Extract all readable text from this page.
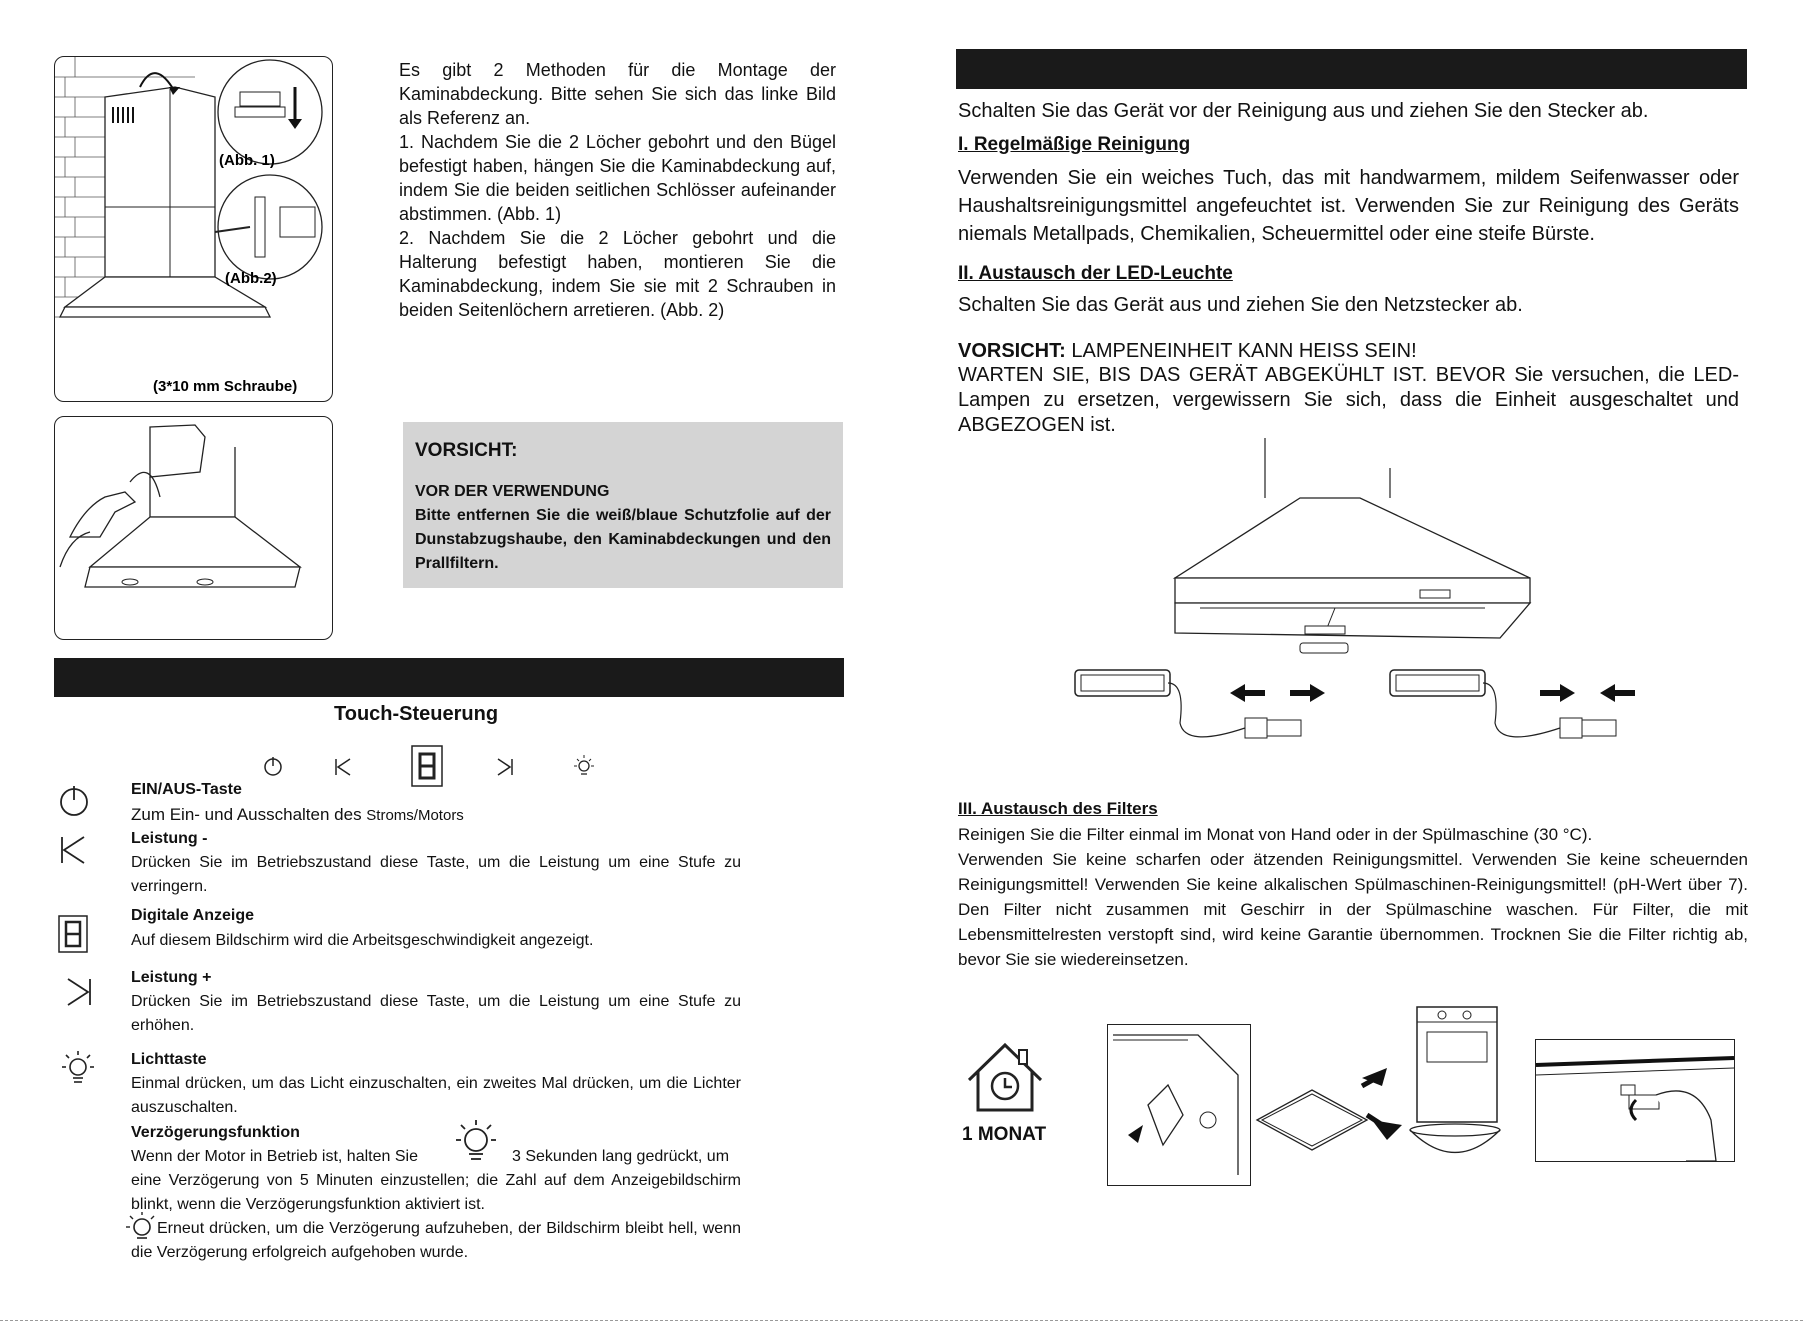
(Abb. 1)
(Abb.2)
(3*10 mm Schraube)

Es gibt 2 Methoden für die Montage der Kaminabdeckung. Bitte sehen Sie sich das linke Bild als Referenz an.

1. Nachdem Sie die 2 Löcher gebohrt und den Bügel befestigt haben, hängen Sie die Kaminabdeckung auf, indem Sie die beiden seitlichen Schlösser aufeinander abstimmen. (Abb. 1)

2. Nachdem Sie die 2 Löcher gebohrt und die Halterung befestigt haben, montieren Sie die Kaminabdeckung, indem Sie sie mit 2 Schrauben in beiden Seitenlöchern arretieren. (Abb. 2)

VORSICHT:

VOR DER VERWENDUNG

Bitte entfernen Sie die weiß/blaue Schutzfolie auf der Dunstabzugshaube, den Kaminabdeckungen und den Prallfiltern.

Touch-Steuerung
EIN/AUS-Taste
Zum Ein- und Ausschalten des Stroms/Motors
Leistung -
Drücken Sie im Betriebszustand diese Taste, um die Leistung um eine Stufe zu verringern.
Digitale Anzeige
Auf diesem Bildschirm wird die Arbeitsgeschwindigkeit angezeigt.
Leistung +
Drücken Sie im Betriebszustand diese Taste, um die Leistung um eine Stufe zu erhöhen.
Lichttaste
Einmal drücken, um das Licht einzuschalten, ein zweites Mal drücken, um die Lichter auszuschalten.
Verzögerungsfunktion
Wenn der Motor in Betrieb ist, halten Sie	3 Sekunden lang gedrückt, um
eine Verzögerung von 5 Minuten einzustellen; die Zahl auf dem Anzeigebildschirm blinkt, wenn die Verzögerungsfunktion aktiviert ist.
Erneut drücken, um die Verzögerung aufzuheben, der Bildschirm bleibt hell, wenn die Verzögerung erfolgreich aufgehoben wurde.
Schalten Sie das Gerät vor der Reinigung aus und ziehen Sie den Stecker ab.
I. Regelmäßige Reinigung
Verwenden Sie ein weiches Tuch, das mit handwarmem, mildem Seifenwasser oder Haushaltsreinigungsmittel angefeuchtet ist. Verwenden Sie zur Reinigung des Geräts niemals Metallpads, Chemikalien, Scheuermittel oder eine steife Bürste.
II. Austausch der LED-Leuchte
Schalten Sie das Gerät aus und ziehen Sie den Netzstecker ab.
VORSICHT: LAMPENEINHEIT KANN HEISS SEIN!
WARTEN SIE, BIS DAS GERÄT ABGEKÜHLT IST. BEVOR Sie versuchen, die LED-Lampen zu ersetzen, vergewissern Sie sich, dass die Einheit ausgeschaltet und ABGEZOGEN ist.
III. Austausch des Filters
Reinigen Sie die Filter einmal im Monat von Hand oder in der Spülmaschine (30 °C).
Verwenden Sie keine scharfen oder ätzenden Reinigungsmittel. Verwenden Sie keine scheuernden Reinigungsmittel! Verwenden Sie keine alkalischen Spülmaschinen-Reinigungsmittel! (pH-Wert über 7). Den Filter nicht zusammen mit Geschirr in der Spülmaschine waschen. Für Filter, die mit Lebensmittelresten verstopft sind, wird keine Garantie übernommen. Trocknen Sie die Filter richtig ab, bevor Sie sie wiedereinsetzen.
1 MONAT
